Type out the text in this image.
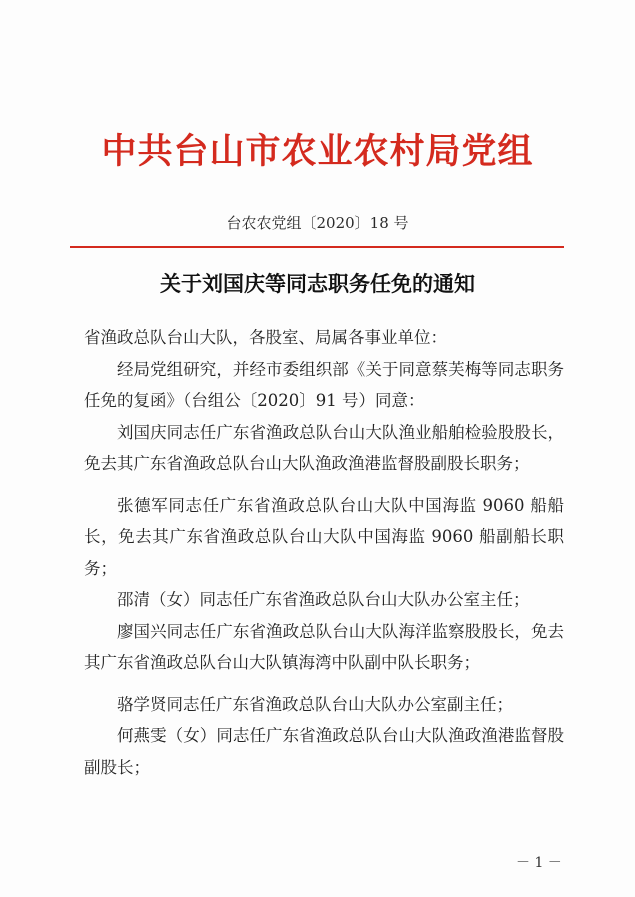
中共台山市农业农村局党组
台农农党组〔2020〕18 号
关于刘国庆等同志职务任免的通知

省渔政总队台山大队，各股室、局属各事业单位：

经局党组研究，并经市委组织部《关于同意蔡芙梅等同志职务任免的复函》（台组公〔2020〕91 号）同意：

刘国庆同志任广东省渔政总队台山大队渔业船舶检验股股长，免去其广东省渔政总队台山大队渔政渔港监督股副股长职务；

张德军同志任广东省渔政总队台山大队中国海监 9060 船船长，免去其广东省渔政总队台山大队中国海监 9060 船副船长职务；

邵清（女）同志任广东省渔政总队台山大队办公室主任；

廖国兴同志任广东省渔政总队台山大队海洋监察股股长，免去其广东省渔政总队台山大队镇海湾中队副中队长职务；

骆学贤同志任广东省渔政总队台山大队办公室副主任；

何燕雯（女）同志任广东省渔政总队台山大队渔政渔港监督股副股长；

－ 1 －
